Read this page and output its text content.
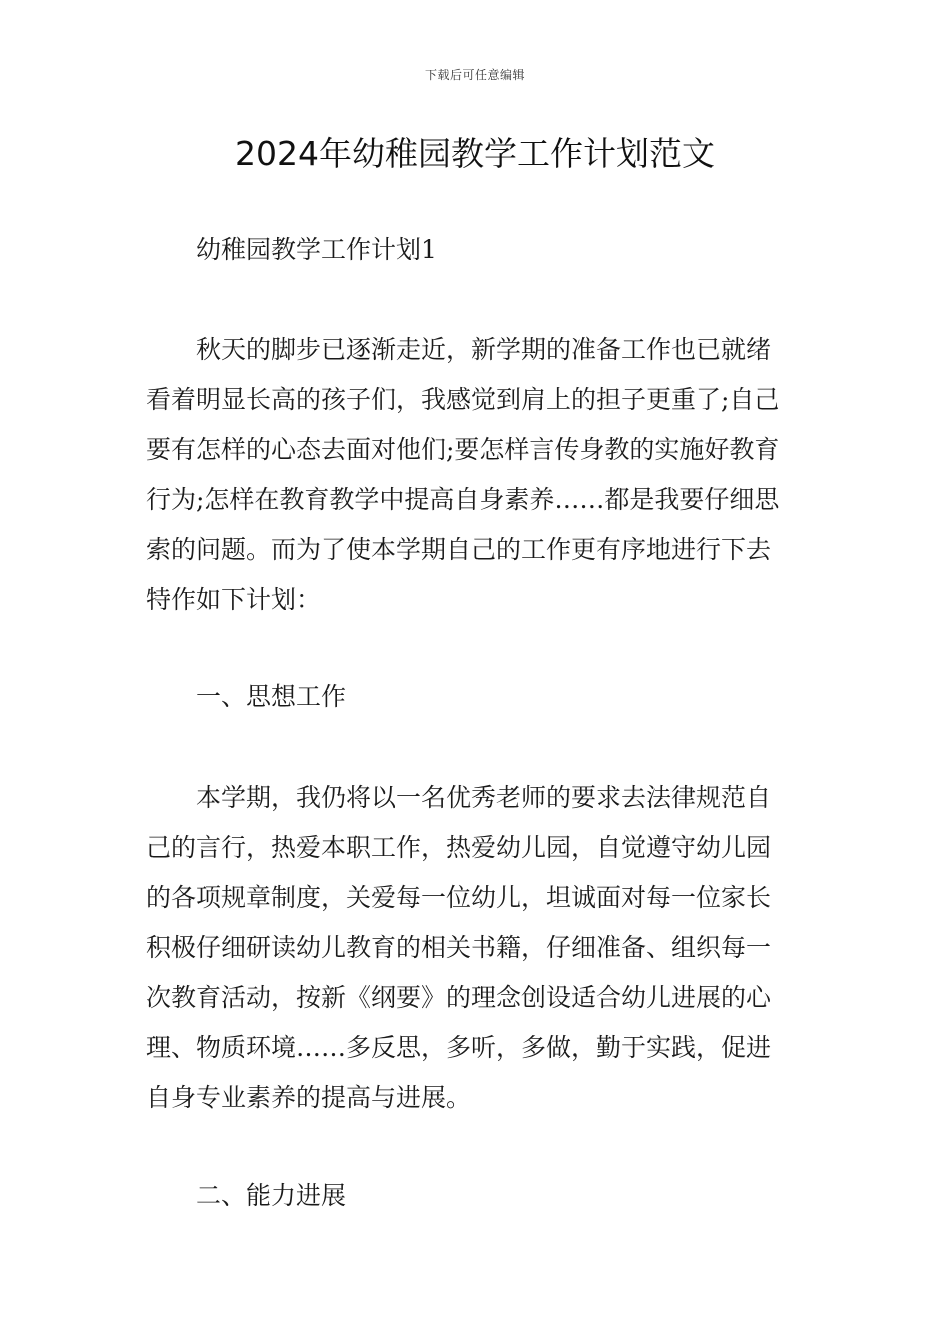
下载后可任意编辑
2024年幼稚园教学工作计划范文
幼稚园教学工作计划1
秋天的脚步已逐渐走近，新学期的准备工作也已就绪
看着明显长高的孩子们，我感觉到肩上的担子更重了;自己
要有怎样的心态去面对他们;要怎样言传身教的实施好教育
行为;怎样在教育教学中提高自身素养……都是我要仔细思
索的问题。而为了使本学期自己的工作更有序地进行下去
特作如下计划：
一、思想工作
本学期，我仍将以一名优秀老师的要求去法律规范自
己的言行，热爱本职工作，热爱幼儿园，自觉遵守幼儿园
的各项规章制度，关爱每一位幼儿，坦诚面对每一位家长
积极仔细研读幼儿教育的相关书籍，仔细准备、组织每一
次教育活动，按新《纲要》的理念创设适合幼儿进展的心
理、物质环境……多反思，多听，多做，勤于实践，促进
自身专业素养的提高与进展。
二、能力进展
